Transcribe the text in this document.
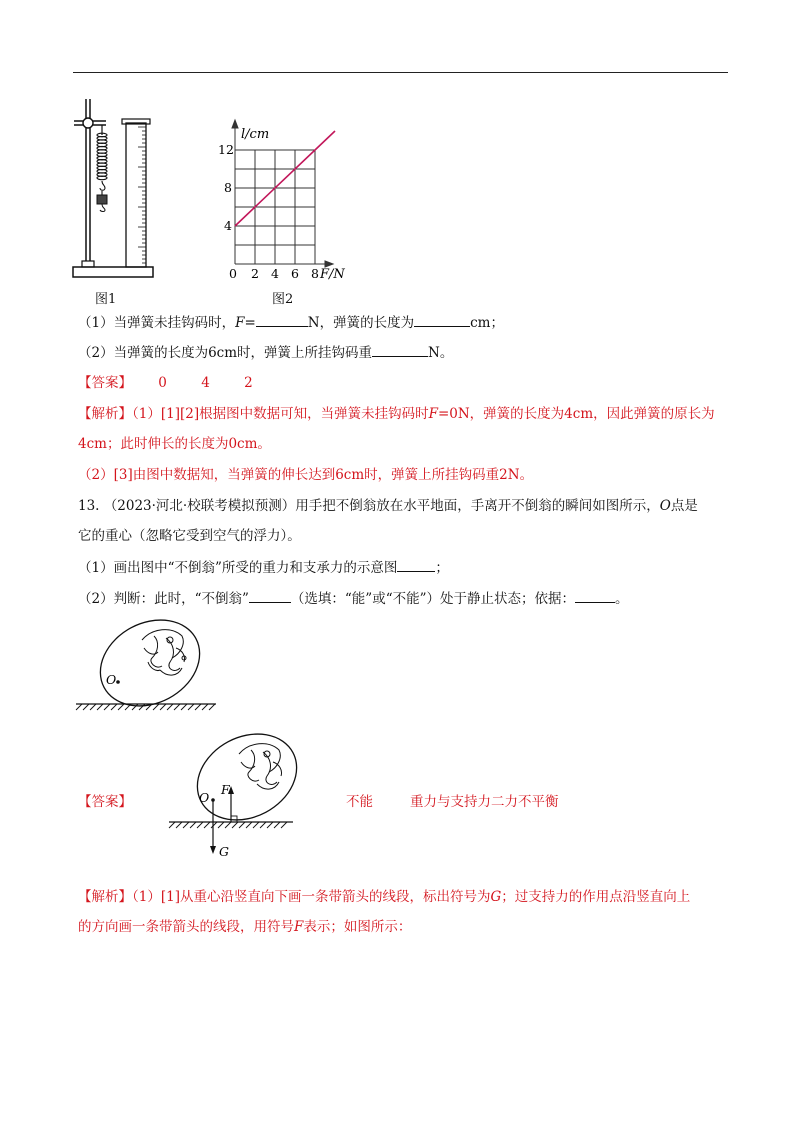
图1
l/cm
F/N
0 2 4 6 8
4
8
12
图2
（1）当弹簧未挂钩码时，F=	N，弹簧的长度为	cm；
（2）当弹簧的长度为6cm时，弹簧上所挂钩码重	N。
【答案】 0	4	2
【解析】（1）[1][2]根据图中数据可知，当弹簧未挂钩码时F=0N，弹簧的长度为4cm，因此弹簧的原长为
4cm；此时伸长的长度为0cm。
（2）[3]由图中数据知，当弹簧的伸长达到6cm时，弹簧上所挂钩码重2N。
13. （2023·河北·校联考模拟预测）用手把不倒翁放在水平地面，手离开不倒翁的瞬间如图所示，O点是
它的重心（忽略它受到空气的浮力）。
（1）画出图中“不倒翁”所受的重力和支承力的示意图	；
（2）判断：此时，“不倒翁”	（选填：“能”或“不能”）处于静止状态；依据：	。
O
【答案】	O
F
G
不能	重力与支持力二力不平衡
【解析】（1）[1]从重心沿竖直向下画一条带箭头的线段，标出符号为G；过支持力的作用点沿竖直向上
的方向画一条带箭头的线段，用符号F表示；如图所示：
